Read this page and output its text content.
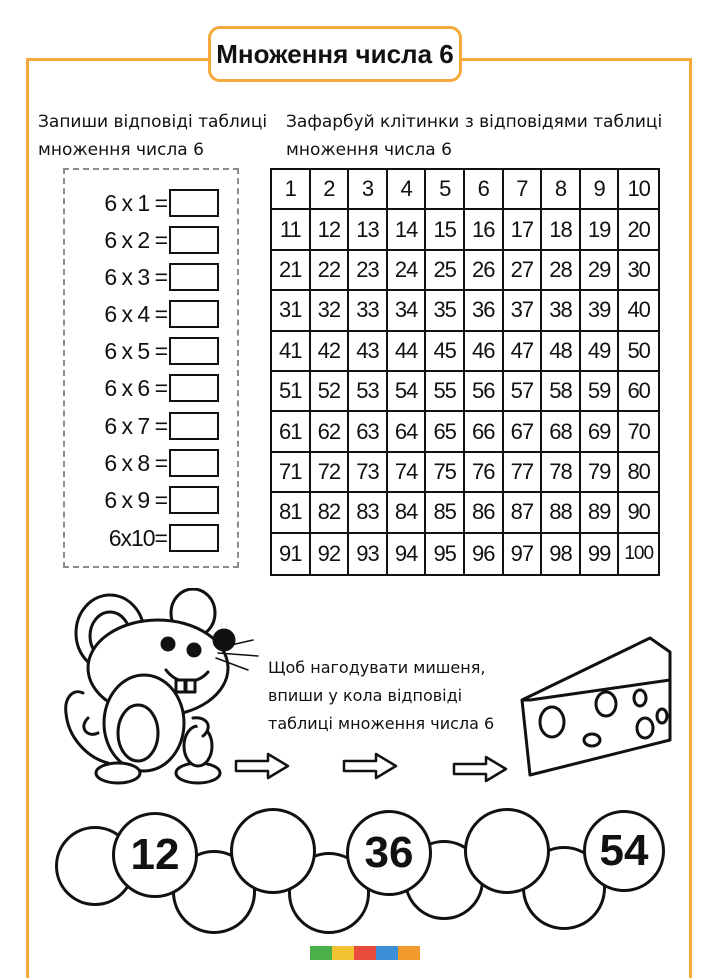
Множення числа 6
Запиши відповіді таблиці множення числа 6
Зафарбуй клітинки з відповідями таблиці множення числа 6
6 x 1 =
6 x 2 =
6 x 3 =
6 x 4 =
6 x 5 =
6 x 6 =
6 x 7 =
6 x 8 =
6 x 9 =
6x10=
1	2	3	4	5	6	7	8	9	10
11 12 13 14 15 16 17 18 19 20
21 22 23 24 25 26 27 28 29 30
31 32 33 34 35 36 37 38 39 40
41 42 43 44 45 46 47 48 49 50
51 52 53 54 55 56 57 58 59 60
61 62 63 64 65 66 67 68 69 70
71 72 73 74 75 76 77 78 79 80
81 82 83 84 85 86 87 88 89 90
91 92 93 94 95 96 97 98 99 100
Щоб нагодувати мишеня, впиши у кола відповіді таблиці множення числа 6
12	36	54
